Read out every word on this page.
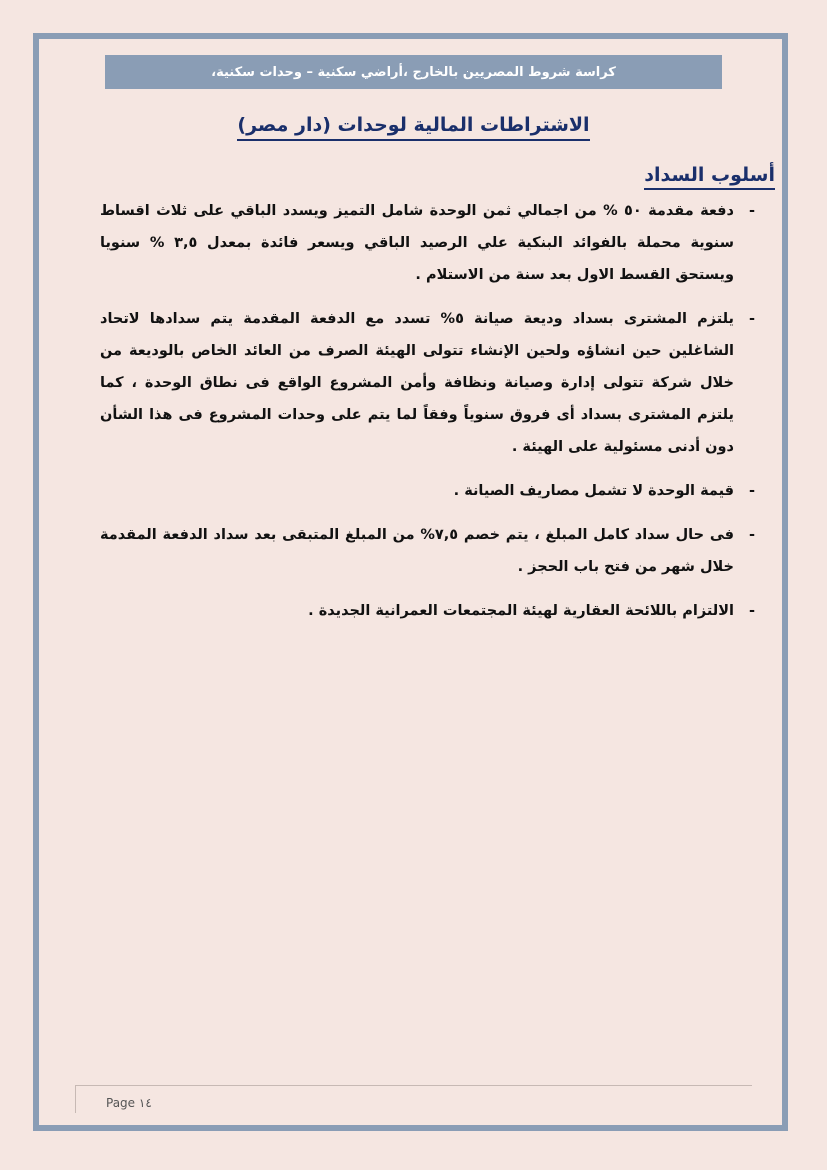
كراسة شروط المصريين بالخارج ،أراضي سكنية – وحدات سكنية،
الاشتراطات المالية لوحدات (دار مصر)
أسلوب السداد
-
دفعة مقدمة ٥٠ % من اجمالي ثمن الوحدة شامل التميز ويسدد الباقي على ثلاث اقساط سنوية محملة بالفوائد البنكية علي الرصيد الباقي ويسعر فائدة بمعدل ٣,٥ % سنويا ويستحق القسط الاول بعد سنة من الاستلام .
-
يلتزم المشترى بسداد وديعة صيانة ٥% تسدد مع الدفعة المقدمة يتم سدادها لاتحاد الشاغلين حين انشاؤه ولحين الإنشاء تتولى الهيئة الصرف من العائد الخاص بالوديعة من خلال شركة تتولى إدارة وصيانة ونظافة وأمن المشروع الواقع فى نطاق الوحدة ، كما يلتزم المشترى بسداد أى فروق سنوياً وفقاً لما يتم على وحدات المشروع فى هذا الشأن دون أدنى مسئولية على الهيئة .
-
قيمة الوحدة لا تشمل مصاريف الصيانة .
-
فى حال سداد كامل المبلغ ، يتم خصم ٧,٥% من المبلغ المتبقى بعد سداد الدفعة المقدمة خلال شهر من فتح باب الحجز .
-
الالتزام باللائحة العقارية لهيئة المجتمعات العمرانية الجديدة .
Page ١٤
